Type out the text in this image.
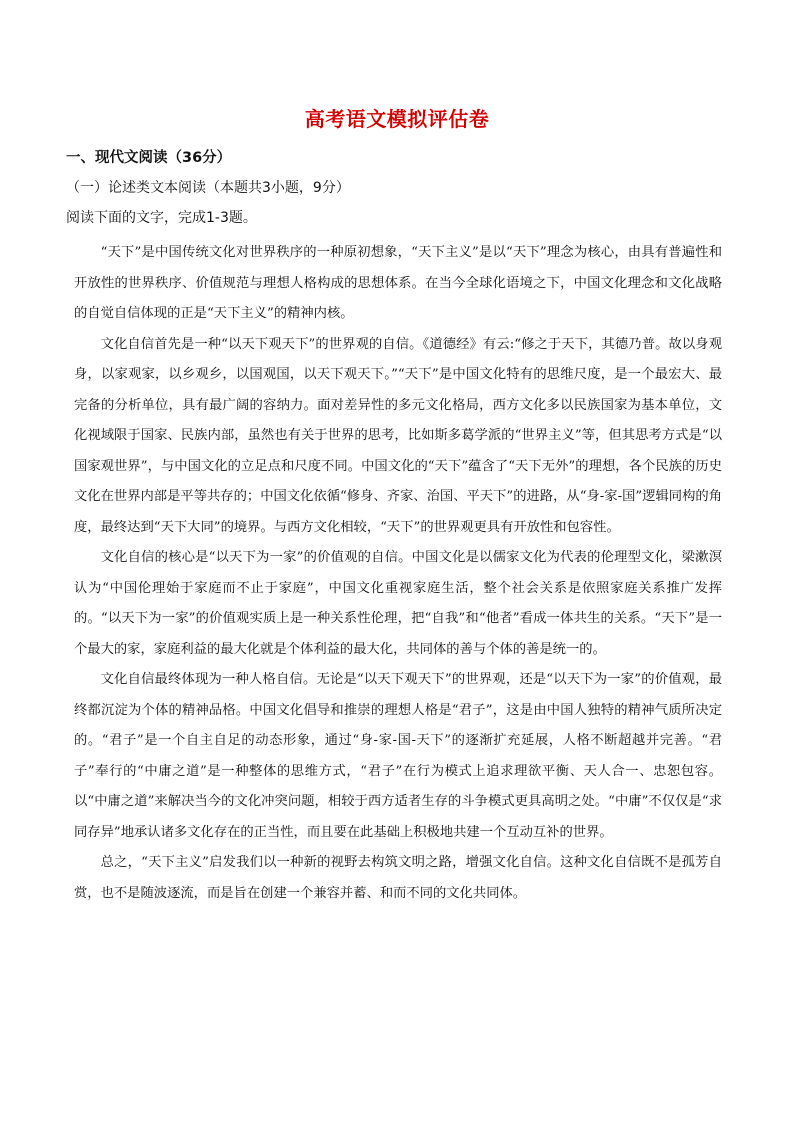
高考语文模拟评估卷
一、现代文阅读（36分）
（一）论述类文本阅读（本题共3小题，9分）
阅读下面的文字，完成1-3题。

“天下”是中国传统文化对世界秩序的一种原初想象，“天下主义”是以“天下”理念为核心，由具有普遍性和开放性的世界秩序、价值规范与理想人格构成的思想体系。在当今全球化语境之下，中国文化理念和文化战略的自觉自信体现的正是“天下主义”的精神内核。

文化自信首先是一种“以天下观天下”的世界观的自信。《道德经》有云:“修之于天下，其德乃普。故以身观身，以家观家，以乡观乡，以国观国，以天下观天下。”“天下”是中国文化特有的思维尺度，是一个最宏大、最完备的分析单位，具有最广阔的容纳力。面对差异性的多元文化格局，西方文化多以民族国家为基本单位，文化视域限于国家、民族内部，虽然也有关于世界的思考，比如斯多葛学派的“世界主义”等，但其思考方式是“以国家观世界”，与中国文化的立足点和尺度不同。中国文化的“天下”蕴含了“天下无外”的理想，各个民族的历史文化在世界内部是平等共存的；中国文化依循“修身、齐家、治国、平天下”的进路，从“身-家-国”逻辑同构的角度，最终达到“天下大同”的境界。与西方文化相较，“天下”的世界观更具有开放性和包容性。

文化自信的核心是“以天下为一家”的价值观的自信。中国文化是以儒家文化为代表的伦理型文化，梁漱溟认为“中国伦理始于家庭而不止于家庭”，中国文化重视家庭生活，整个社会关系是依照家庭关系推广发挥的。“以天下为一家”的价值观实质上是一种关系性伦理，把“自我”和“他者”看成一体共生的关系。“天下”是一个最大的家，家庭利益的最大化就是个体利益的最大化，共同体的善与个体的善是统一的。

文化自信最终体现为一种人格自信。无论是“以天下观天下”的世界观，还是“以天下为一家”的价值观，最终都沉淀为个体的精神品格。中国文化倡导和推崇的理想人格是“君子”，这是由中国人独特的精神气质所决定的。“君子”是一个自主自足的动态形象，通过“身-家-国-天下”的逐渐扩充延展，人格不断超越并完善。“君子”奉行的“中庸之道”是一种整体的思维方式，“君子”在行为模式上追求理欲平衡、天人合一、忠恕包容。以“中庸之道”来解决当今的文化冲突问题，相较于西方适者生存的斗争模式更具高明之处。“中庸”不仅仅是“求同存异”地承认诸多文化存在的正当性，而且要在此基础上积极地共建一个互动互补的世界。

总之，“天下主义”启发我们以一种新的视野去构筑文明之路，增强文化自信。这种文化自信既不是孤芳自赏，也不是随波逐流，而是旨在创建一个兼容并蓄、和而不同的文化共同体。
